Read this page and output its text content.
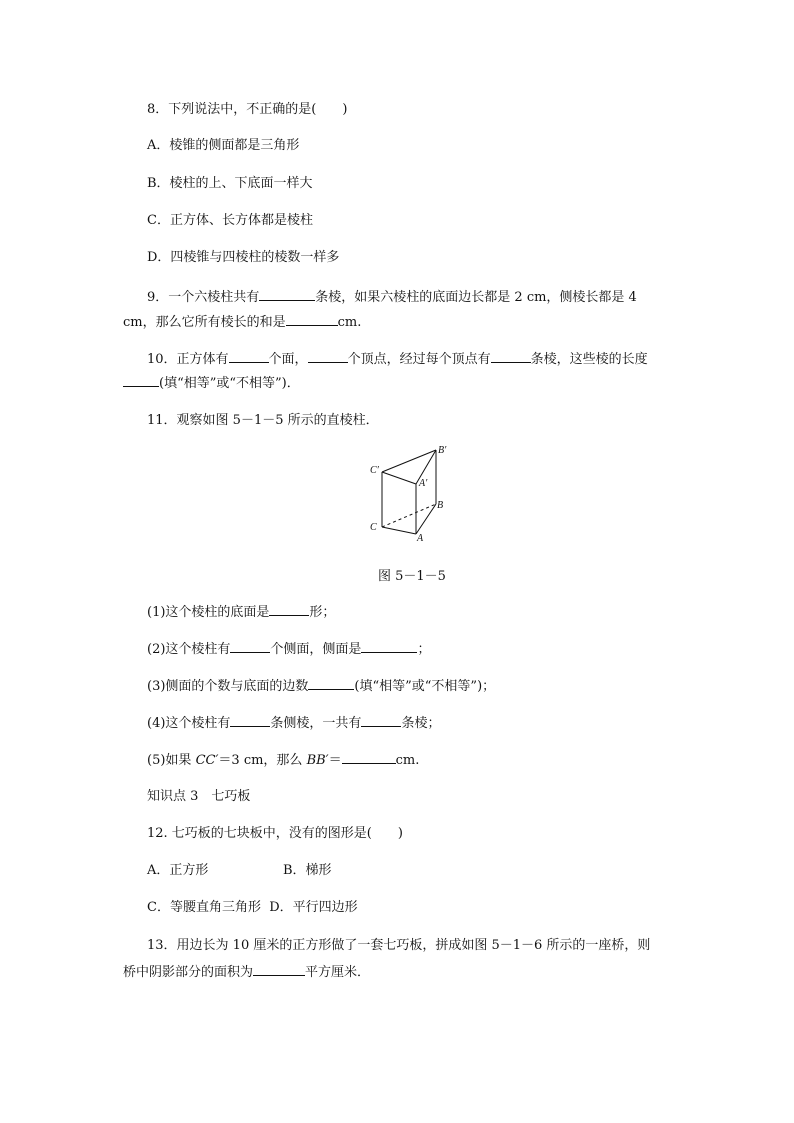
8．下列说法中，不正确的是(　　)
A．棱锥的侧面都是三角形
B．棱柱的上、下底面一样大
C．正方体、长方体都是棱柱
D．四棱锥与四棱柱的棱数一样多
9．一个六棱柱共有	条棱，如果六棱柱的底面边长都是 2 cm，侧棱长都是 4
cm，那么它所有棱长的和是	cm.
10．正方体有	个面，	个顶点，经过每个顶点有	条棱，这些棱的长度
(填“相等”或“不相等”)．
11．观察如图 5－1－5 所示的直棱柱．
C′
B′
A′
B
C
A
图 5－1－5
(1)这个棱柱的底面是	形；
(2)这个棱柱有	个侧面，侧面是	；
(3)侧面的个数与底面的边数	(填“相等”或“不相等”)；
(4)这个棱柱有	条侧棱，一共有	条棱；
(5)如果 CC′＝3 cm，那么 BB′＝	cm.
知识点 3　七巧板
12. 七巧板的七块板中，没有的图形是(　　)
A．正方形	B．梯形
C．等腰直角三角形 D．平行四边形
13．用边长为 10 厘米的正方形做了一套七巧板，拼成如图 5－1－6 所示的一座桥，则
桥中阴影部分的面积为	平方厘米．
